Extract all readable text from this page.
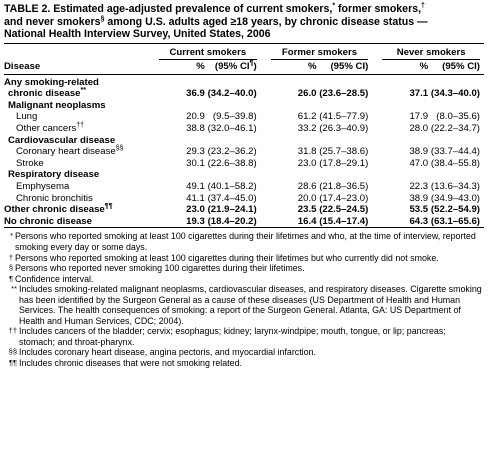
TABLE 2. Estimated age-adjusted prevalence of current smokers,* former smokers,†
and never smokers§ among U.S. adults aged ≥18 years, by chronic disease status —
National Health Interview Survey, United States, 2006

	Current smokers		Former smokers		Never smokers	

Disease	%	(95% CI¶)	%	(95% CI)	%	(95% CI)
Any smoking-related						
chronic disease**	36.9	(34.2–40.0)	26.0	(23.6–28.5)	37.1	(34.3–40.0)
Malignant neoplasms						
Lung	20.9	(9.5–39.8)	61.2	(41.5–77.9)	17.9	(8.0–35.6)
Other cancers††	38.8	(32.0–46.1)	33.2	(26.3–40.9)	28.0	(22.2–34.7)
Cardiovascular disease						
Coronary heart disease§§	29.3	(23.2–36.2)	31.8	(25.7–38.6)	38.9	(33.7–44.4)
Stroke	30.1	(22.6–38.8)	23.0	(17.8–29.1)	47.0	(38.4–55.8)
Respiratory disease						
Emphysema	49.1	(40.1–58.2)	28.6	(21.8–36.5)	22.3	(13.6–34.3)
Chronic bronchitis	41.1	(37.4–45.0)	20.0	(17.4–23.0)	38.9	(34.9–43.0)
Other chronic disease¶¶	23.0	(21.9–24.1)	23.5	(22.5–24.5)	53.5	(52.2–54.9)
No chronic disease	19.3	(18.4–20.2)	16.4	(15.4–17.4)	64.3	(63.1–65.6)
* Persons who reported smoking at least 100 cigarettes during their lifetimes and who, at the time of interview, reported smoking every day or some days.
† Persons who reported smoking at least 100 cigarettes during their lifetimes but who currently did not smoke.
§ Persons who reported never smoking 100 cigarettes during their lifetimes.
¶ Confidence interval.
** Includes smoking-related malignant neoplasms, cardiovascular diseases, and respiratory diseases. Cigarette smoking has been identified by the Surgeon General as a cause of these diseases (US Department of Health and Human Services. The health consequences of smoking: a report of the Surgeon General. Atlanta, GA: US Department of Health and Human Services, CDC; 2004).
†† Includes cancers of the bladder; cervix; esophagus; kidney; larynx-windpipe; mouth, tongue, or lip; pancreas; stomach; and throat-pharynx.
§§ Includes coronary heart disease, angina pectoris, and myocardial infarction.
¶¶ Includes chronic diseases that were not smoking related.
